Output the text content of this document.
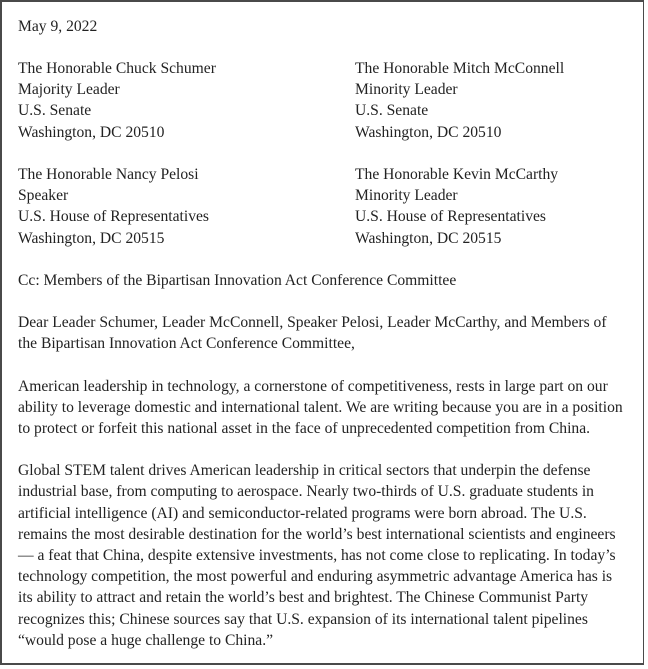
May 9, 2022
The Honorable Chuck Schumer
Majority Leader
U.S. Senate
Washington, DC 20510
The Honorable Mitch McConnell
Minority Leader
U.S. Senate
Washington, DC 20510
The Honorable Nancy Pelosi
Speaker
U.S. House of Representatives
Washington, DC 20515
The Honorable Kevin McCarthy
Minority Leader
U.S. House of Representatives
Washington, DC 20515
Cc: Members of the Bipartisan Innovation Act Conference Committee

Dear Leader Schumer, Leader McConnell, Speaker Pelosi, Leader McCarthy, and Members of
the Bipartisan Innovation Act Conference Committee,

American leadership in technology, a cornerstone of competitiveness, rests in large part on our
ability to leverage domestic and international talent. We are writing because you are in a position
to protect or forfeit this national asset in the face of unprecedented competition from China.

Global STEM talent drives American leadership in critical sectors that underpin the defense
industrial base, from computing to aerospace. Nearly two-thirds of U.S. graduate students in
artificial intelligence (AI) and semiconductor-related programs were born abroad. The U.S.
remains the most desirable destination for the world’s best international scientists and engineers
— a feat that China, despite extensive investments, has not come close to replicating. In today’s
technology competition, the most powerful and enduring asymmetric advantage America has is
its ability to attract and retain the world’s best and brightest. The Chinese Communist Party
recognizes this; Chinese sources say that U.S. expansion of its international talent pipelines
“would pose a huge challenge to China.”
